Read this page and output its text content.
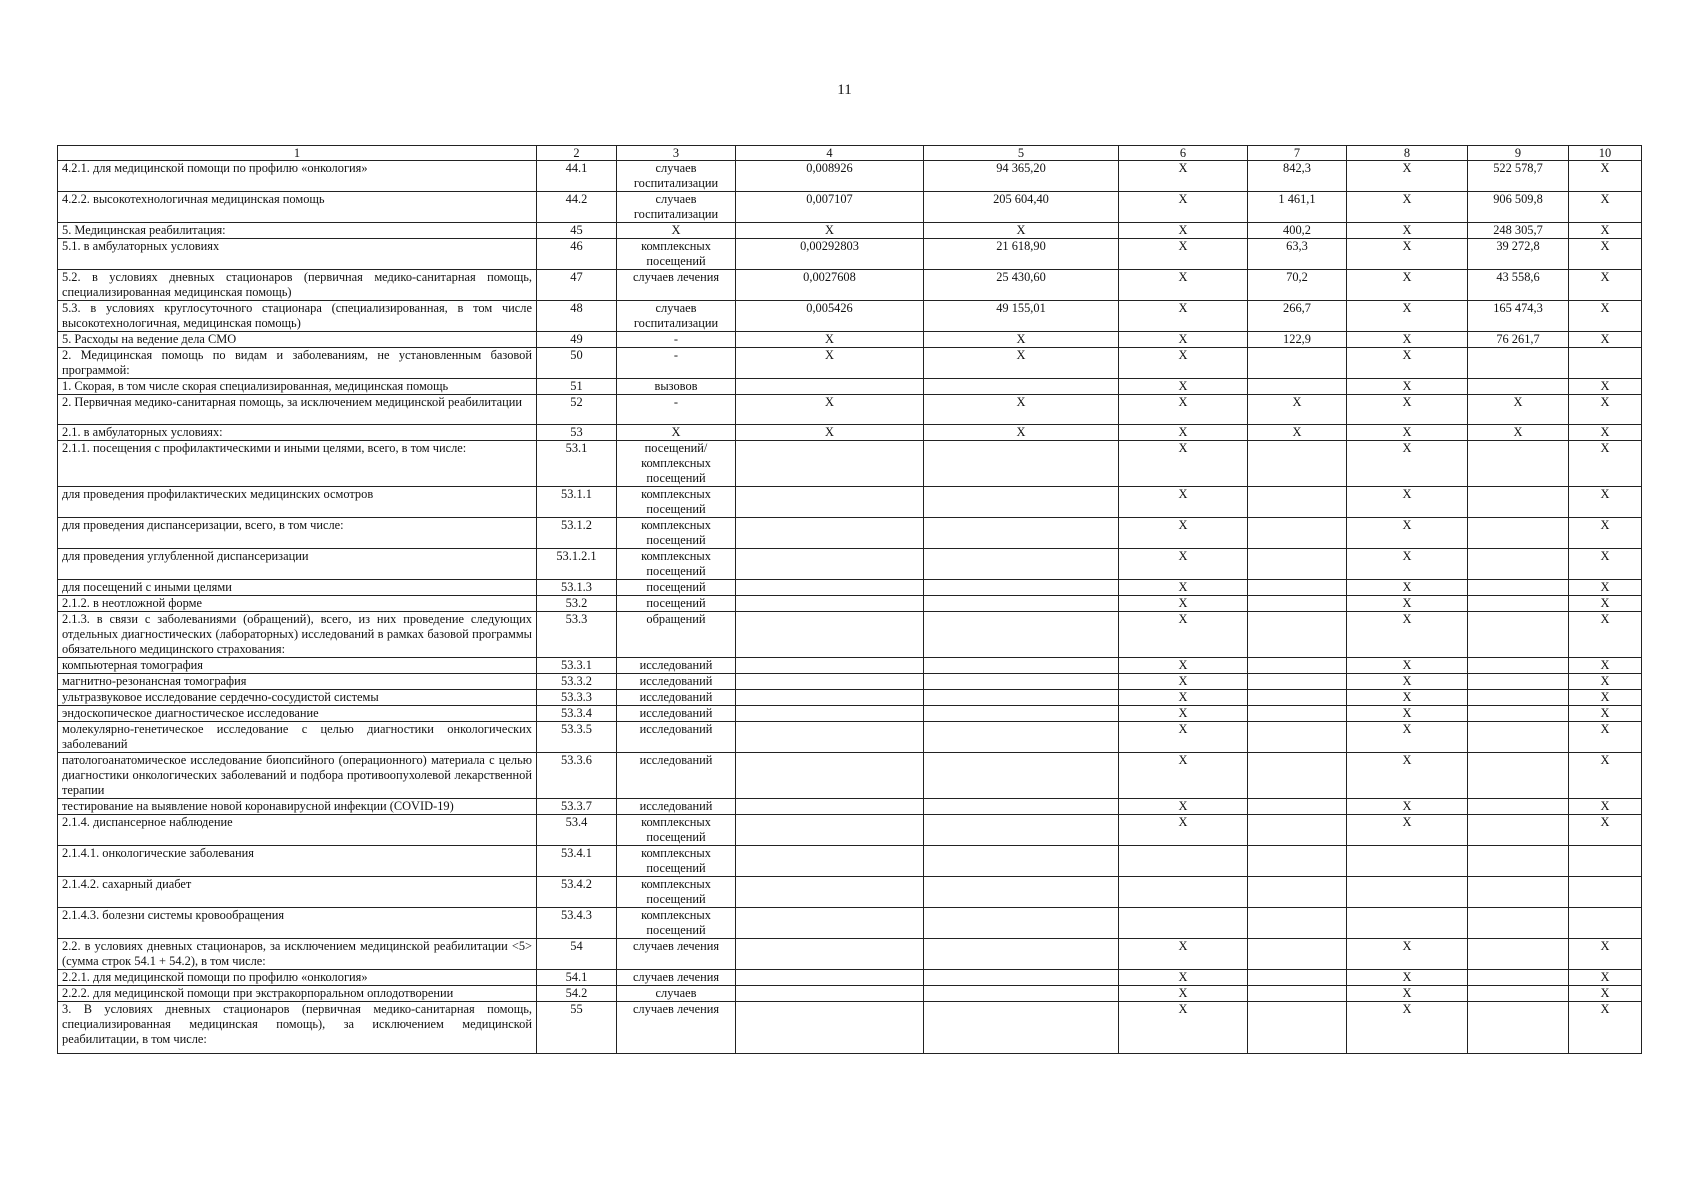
11
1	2	3	4	5	6	7	8	9	10
4.2.1. для медицинской помощи по профилю «онкология»	44.1	случаев госпитализации	0,008926	94 365,20	X	842,3	X	522 578,7	X
4.2.2. высокотехнологичная медицинская помощь	44.2	случаев госпитализации	0,007107	205 604,40	X	1 461,1	X	906 509,8	X
5. Медицинская реабилитация:	45	X	X	X	X	400,2	X	248 305,7	X
5.1. в амбулаторных условиях	46	комплексных посещений	0,00292803	21 618,90	X	63,3	X	39 272,8	X
5.2. в условиях дневных стационаров (первичная медико-санитарная помощь, специализированная медицинская помощь)	47	случаев лечения	0,0027608	25 430,60	X	70,2	X	43 558,6	X
5.3. в условиях круглосуточного стационара (специализированная, в том числе высокотехнологичная, медицинская помощь)	48	случаев госпитализации	0,005426	49 155,01	X	266,7	X	165 474,3	X
5. Расходы на ведение дела СМО	49	-	X	X	X	122,9	X	76 261,7	X
2. Медицинская помощь по видам и заболеваниям, не установленным базовой программой:	50	-	X	X	X		X		
1. Скорая, в том числе скорая специализированная, медицинская помощь	51	вызовов			X		X		X
2. Первичная медико-санитарная помощь, за исключением медицинской реабилитации	52	-	X	X	X	X	X	X	X
2.1. в амбулаторных условиях:	53	X	X	X	X	X	X	X	X
2.1.1. посещения с профилактическими и иными целями, всего, в том числе:	53.1	посещений/ комплексных посещений			X		X		X
для проведения профилактических медицинских осмотров	53.1.1	комплексных посещений			X		X		X
для проведения диспансеризации, всего, в том числе:	53.1.2	комплексных посещений			X		X		X
для проведения углубленной диспансеризации	53.1.2.1	комплексных посещений			X		X		X
для посещений с иными целями	53.1.3	посещений			X		X		X
2.1.2. в неотложной форме	53.2	посещений			X		X		X
2.1.3. в связи с заболеваниями (обращений), всего, из них проведение следующих отдельных диагностических (лабораторных) исследований в рамках базовой программы обязательного медицинского страхования:	53.3	обращений			X		X		X
компьютерная томография	53.3.1	исследований			X		X		X
магнитно-резонансная томография	53.3.2	исследований			X		X		X
ультразвуковое исследование сердечно-сосудистой системы	53.3.3	исследований			X		X		X
эндоскопическое диагностическое исследование	53.3.4	исследований			X		X		X
молекулярно-генетическое исследование с целью диагностики онкологических заболеваний	53.3.5	исследований			X		X		X
патологоанатомическое исследование биопсийного (операционного) материала с целью диагностики онкологических заболеваний и подбора противоопухолевой лекарственной терапии	53.3.6	исследований			X		X		X
тестирование на выявление новой коронавирусной инфекции (COVID-19)	53.3.7	исследований			X		X		X
2.1.4. диспансерное наблюдение	53.4	комплексных посещений			X		X		X
2.1.4.1. онкологические заболевания	53.4.1	комплексных посещений							
2.1.4.2. сахарный диабет	53.4.2	комплексных посещений							
2.1.4.3. болезни системы кровообращения	53.4.3	комплексных посещений							
2.2. в условиях дневных стационаров, за исключением медицинской реабилитации <5> (сумма строк 54.1 + 54.2), в том числе:	54	случаев лечения			X		X		X
2.2.1. для медицинской помощи по профилю «онкология»	54.1	случаев лечения			X		X		X
2.2.2. для медицинской помощи при экстракорпоральном оплодотворении	54.2	случаев			X		X		X
3. В условиях дневных стационаров (первичная медико-санитарная помощь, специализированная медицинская помощь), за исключением медицинской реабилитации, в том числе:	55	случаев лечения			X		X		X
